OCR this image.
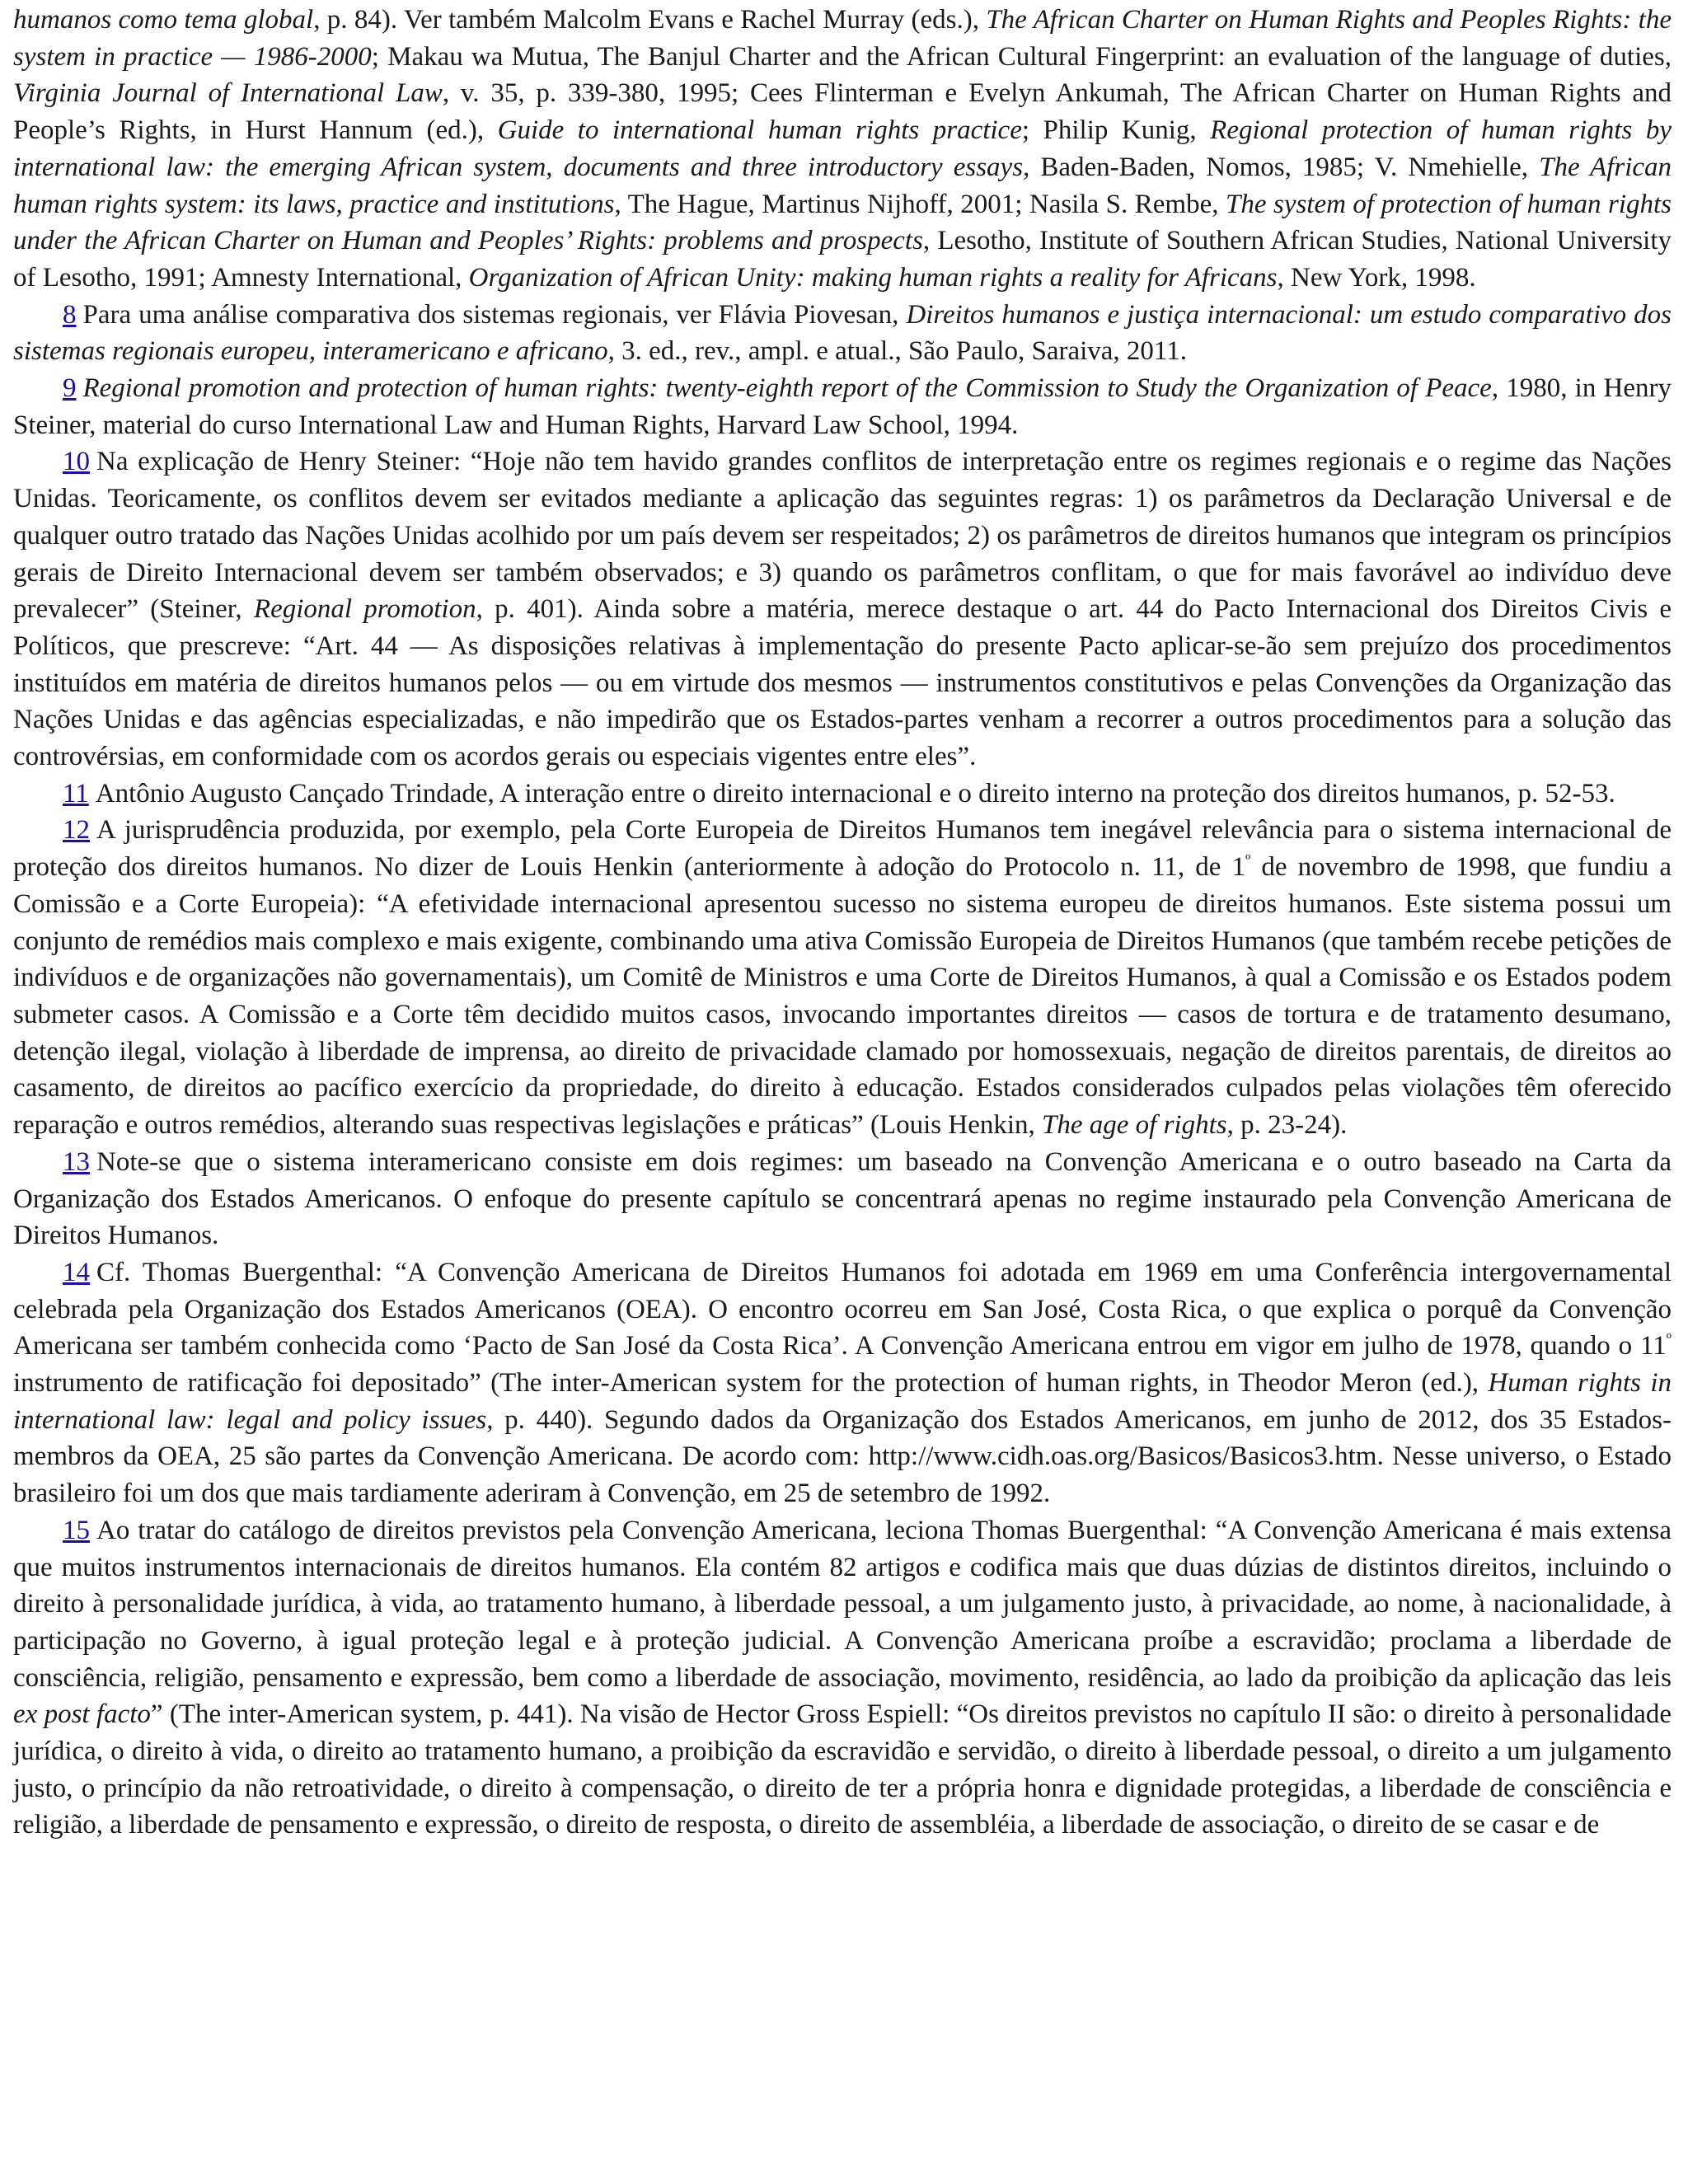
humanos como tema global, p. 84). Ver também Malcolm Evans e Rachel Murray (eds.), The African Charter on Human Rights and Peoples Rights: the system in practice — 1986-2000; Makau wa Mutua, The Banjul Charter and the African Cultural Fingerprint: an evaluation of the language of duties, Virginia Journal of International Law, v. 35, p. 339-380, 1995; Cees Flinterman e Evelyn Ankumah, The African Charter on Human Rights and People’s Rights, in Hurst Hannum (ed.), Guide to international human rights practice; Philip Kunig, Regional protection of human rights by international law: the emerging African system, documents and three introductory essays, Baden-Baden, Nomos, 1985; V. Nmehielle, The African human rights system: its laws, practice and institutions, The Hague, Martinus Nijhoff, 2001; Nasila S. Rembe, The system of protection of human rights under the African Charter on Human and Peoples’ Rights: problems and prospects, Lesotho, Institute of Southern African Studies, National University of Lesotho, 1991; Amnesty International, Organization of African Unity: making human rights a reality for Africans, New York, 1998.

8 Para uma análise comparativa dos sistemas regionais, ver Flávia Piovesan, Direitos humanos e justiça internacional: um estudo comparativo dos sistemas regionais europeu, interamericano e africano, 3. ed., rev., ampl. e atual., São Paulo, Saraiva, 2011.

9 Regional promotion and protection of human rights: twenty-eighth report of the Commission to Study the Organization of Peace, 1980, in Henry Steiner, material do curso International Law and Human Rights, Harvard Law School, 1994.

10 Na explicação de Henry Steiner: “Hoje não tem havido grandes conflitos de interpretação entre os regimes regionais e o regime das Nações Unidas. Teoricamente, os conflitos devem ser evitados mediante a aplicação das seguintes regras: 1) os parâmetros da Declaração Universal e de qualquer outro tratado das Nações Unidas acolhido por um país devem ser respeitados; 2) os parâmetros de direitos humanos que integram os princípios gerais de Direito Internacional devem ser também observados; e 3) quando os parâmetros conflitam, o que for mais favorável ao indivíduo deve prevalecer” (Steiner, Regional promotion, p. 401). Ainda sobre a matéria, merece destaque o art. 44 do Pacto Internacional dos Direitos Civis e Políticos, que prescreve: “Art. 44 — As disposições relativas à implementação do presente Pacto aplicar-se-ão sem prejuízo dos procedimentos instituídos em matéria de direitos humanos pelos — ou em virtude dos mesmos — instrumentos constitutivos e pelas Convenções da Organização das Nações Unidas e das agências especializadas, e não impedirão que os Estados-partes venham a recorrer a outros procedimentos para a solução das controvérsias, em conformidade com os acordos gerais ou especiais vigentes entre eles”.

11 Antônio Augusto Cançado Trindade, A interação entre o direito internacional e o direito interno na proteção dos direitos humanos, p. 52-53.

12 A jurisprudência produzida, por exemplo, pela Corte Europeia de Direitos Humanos tem inegável relevância para o sistema internacional de proteção dos direitos humanos. No dizer de Louis Henkin (anteriormente à adoção do Protocolo n. 11, de $1^º$ de novembro de 1998, que fundiu a Comissão e a Corte Europeia): “A efetividade internacional apresentou sucesso no sistema europeu de direitos humanos. Este sistema possui um conjunto de remédios mais complexo e mais exigente, combinando uma ativa Comissão Europeia de Direitos Humanos (que também recebe petições de indivíduos e de organizações não governamentais), um Comitê de Ministros e uma Corte de Direitos Humanos, à qual a Comissão e os Estados podem submeter casos. A Comissão e a Corte têm decidido muitos casos, invocando importantes direitos — casos de tortura e de tratamento desumano, detenção ilegal, violação à liberdade de imprensa, ao direito de privacidade clamado por homossexuais, negação de direitos parentais, de direitos ao casamento, de direitos ao pacífico exercício da propriedade, do direito à educação. Estados considerados culpados pelas violações têm oferecido reparação e outros remédios, alterando suas respectivas legislações e práticas” (Louis Henkin, The age of rights, p. 23-24).

13 Note-se que o sistema interamericano consiste em dois regimes: um baseado na Convenção Americana e o outro baseado na Carta da Organização dos Estados Americanos. O enfoque do presente capítulo se concentrará apenas no regime instaurado pela Convenção Americana de Direitos Humanos.

14 Cf. Thomas Buergenthal: “A Convenção Americana de Direitos Humanos foi adotada em 1969 em uma Conferência intergovernamental celebrada pela Organização dos Estados Americanos (OEA). O encontro ocorreu em San José, Costa Rica, o que explica o porquê da Convenção Americana ser também conhecida como ‘Pacto de San José da Costa Rica’. A Convenção Americana entrou em vigor em julho de 1978, quando o $11^º$ instrumento de ratificação foi depositado” (The inter-American system for the protection of human rights, in Theodor Meron (ed.), Human rights in international law: legal and policy issues, p. 440). Segundo dados da Organização dos Estados Americanos, em junho de 2012, dos 35 Estados-membros da OEA, 25 são partes da Convenção Americana. De acordo com: http://www.cidh.oas.org/Basicos/Basicos3.htm. Nesse universo, o Estado brasileiro foi um dos que mais tardiamente aderiram à Convenção, em 25 de setembro de 1992.

15 Ao tratar do catálogo de direitos previstos pela Convenção Americana, leciona Thomas Buergenthal: “A Convenção Americana é mais extensa que muitos instrumentos internacionais de direitos humanos. Ela contém 82 artigos e codifica mais que duas dúzias de distintos direitos, incluindo o direito à personalidade jurídica, à vida, ao tratamento humano, à liberdade pessoal, a um julgamento justo, à privacidade, ao nome, à nacionalidade, à participação no Governo, à igual proteção legal e à proteção judicial. A Convenção Americana proíbe a escravidão; proclama a liberdade de consciência, religião, pensamento e expressão, bem como a liberdade de associação, movimento, residência, ao lado da proibição da aplicação das leis ex post facto” (The inter-American system, p. 441). Na visão de Hector Gross Espiell: “Os direitos previstos no capítulo II são: o direito à personalidade jurídica, o direito à vida, o direito ao tratamento humano, a proibição da escravidão e servidão, o direito à liberdade pessoal, o direito a um julgamento justo, o princípio da não retroatividade, o direito à compensação, o direito de ter a própria honra e dignidade protegidas, a liberdade de consciência e religião, a liberdade de pensamento e expressão, o direito de resposta, o direito de assembléia, a liberdade de associação, o direito de se casar e de
